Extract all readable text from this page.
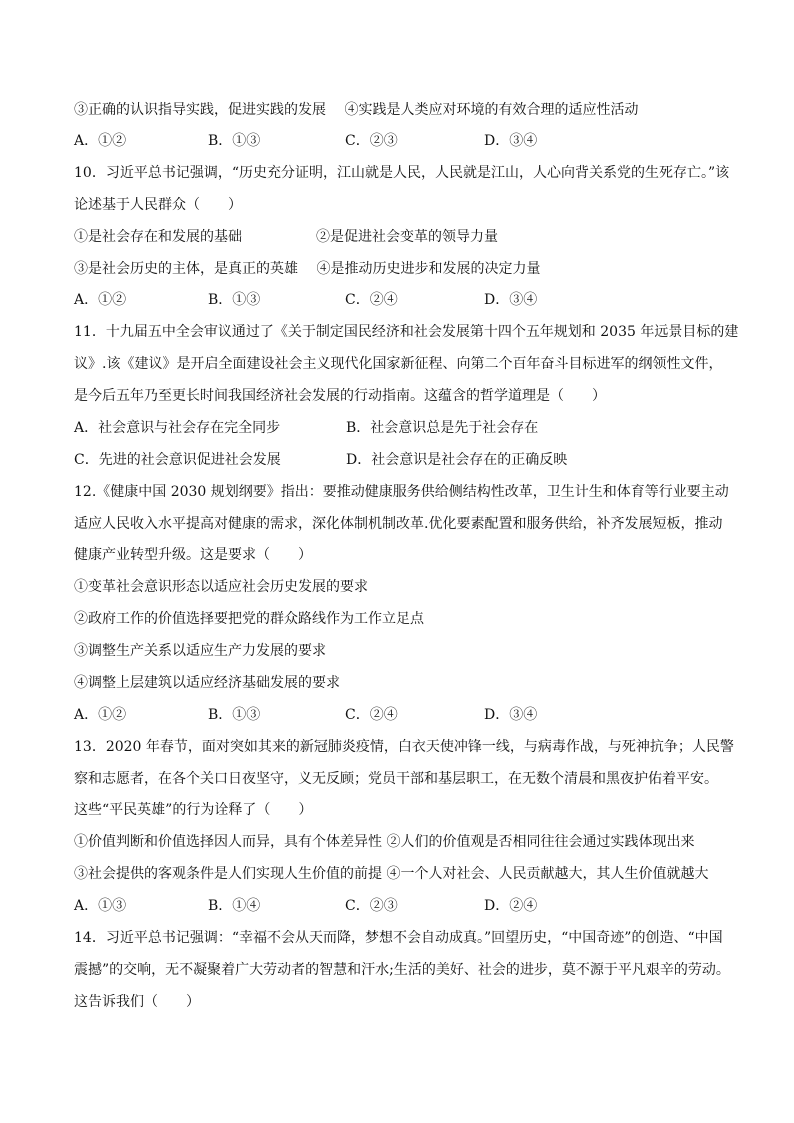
③正确的认识指导实践，促进实践的发展　 ④实践是人类应对环境的有效合理的适应性活动
A．①②	B．①③	C．②③	D．③④
10．习近平总书记强调，“历史充分证明，江山就是人民，人民就是江山，人心向背关系党的生死存亡。”该
论述基于人民群众（　　）
①是社会存在和发展的基础	②是促进社会变革的领导力量
③是社会历史的主体，是真正的英雄　 ④是推动历史进步和发展的决定力量
A．①②	B．①③	C．②④	D．③④
11．十九届五中全会审议通过了《关于制定国民经济和社会发展第十四个五年规划和 2035 年远景目标的建
议》.该《建议》是开启全面建设社会主义现代化国家新征程、向第二个百年奋斗目标进军的纲领性文件，
是今后五年乃至更长时间我国经济社会发展的行动指南。这蕴含的哲学道理是（　　）
A．社会意识与社会存在完全同步	B．社会意识总是先于社会存在
C．先进的社会意识促进社会发展	D．社会意识是社会存在的正确反映
12.《健康中国 2030 规划纲要》指出：要推动健康服务供给侧结构性改革，卫生计生和体育等行业要主动
适应人民收入水平提高对健康的需求，深化体制机制改革.优化要素配置和服务供给，补齐发展短板，推动
健康产业转型升级。这是要求（　　）
①变革社会意识形态以适应社会历史发展的要求
②政府工作的价值选择要把党的群众路线作为工作立足点
③调整生产关系以适应生产力发展的要求
④调整上层建筑以适应经济基础发展的要求
A．①②	B．①③	C．②④	D．③④
13．2020 年春节，面对突如其来的新冠肺炎疫情，白衣天使冲锋一线，与病毒作战，与死神抗争；人民警
察和志愿者，在各个关口日夜坚守，义无反顾；党员干部和基层职工，在无数个清晨和黑夜护佑着平安。
这些“平民英雄”的行为诠释了（　　）
①价值判断和价值选择因人而异，具有个体差异性 ②人们的价值观是否相同往往会通过实践体现出来
③社会提供的客观条件是人们实现人生价值的前提 ④一个人对社会、人民贡献越大，其人生价值就越大
A．①③	B．①④	C．②③	D．②④
14．习近平总书记强调：“幸福不会从天而降，梦想不会自动成真。”回望历史，“中国奇迹”的创造、“中国
震撼”的交响，无不凝聚着广大劳动者的智慧和汗水;生活的美好、社会的进步，莫不源于平凡艰辛的劳动。
这告诉我们（　　）
